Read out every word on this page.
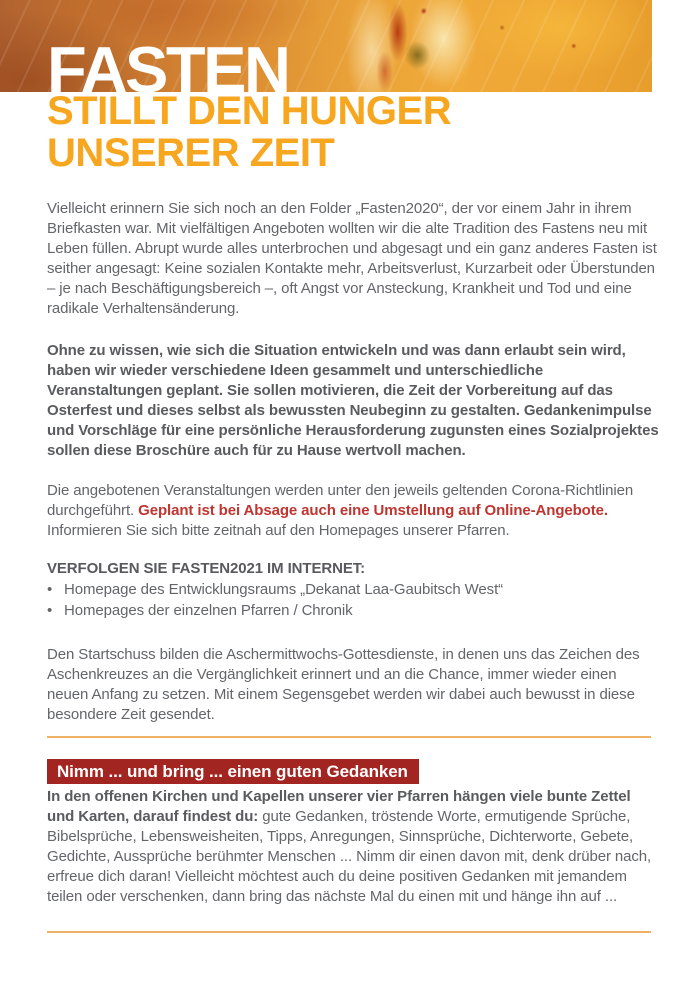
FASTEN
STILLT DEN HUNGER
UNSERER ZEIT

Vielleicht erinnern Sie sich noch an den Folder „Fasten2020“, der vor einem Jahr in ihrem Briefkasten war. Mit vielfältigen Angeboten wollten wir die alte Tradition des Fastens neu mit Leben füllen. Abrupt wurde alles unterbrochen und abgesagt und ein ganz anderes Fasten ist seither angesagt: Keine sozialen Kontakte mehr, Arbeitsverlust, Kurzarbeit oder Überstunden – je nach Beschäftigungsbereich –, oft Angst vor Ansteckung, Krankheit und Tod und eine radikale Verhaltensänderung.

Ohne zu wissen, wie sich die Situation entwickeln und was dann erlaubt sein wird, haben wir wieder verschiedene Ideen gesammelt und unterschiedliche Veranstaltungen geplant. Sie sollen motivieren, die Zeit der Vorbereitung auf das Osterfest und dieses selbst als bewussten Neubeginn zu gestalten. Gedankenimpulse und Vorschläge für eine persönliche Herausforderung zugunsten eines Sozialprojektes sollen diese Broschüre auch für zu Hause wertvoll machen.

Die angebotenen Veranstaltungen werden unter den jeweils geltenden Corona-Richtlinien durchgeführt. Geplant ist bei Absage auch eine Umstellung auf Online-Angebote. Informieren Sie sich bitte zeitnah auf den Homepages unserer Pfarren.

VERFOLGEN SIE FASTEN2021 IM INTERNET:

• Homepage des Entwicklungsraums „Dekanat Laa-Gaubitsch West“
• Homepages der einzelnen Pfarren / Chronik

Den Startschuss bilden die Aschermittwochs-Gottesdienste, in denen uns das Zeichen des Aschenkreuzes an die Vergänglichkeit erinnert und an die Chance, immer wieder einen neuen Anfang zu setzen. Mit einem Segensgebet werden wir dabei auch bewusst in diese besondere Zeit gesendet.

Nimm ... und bring ... einen guten Gedanken

In den offenen Kirchen und Kapellen unserer vier Pfarren hängen viele bunte Zettel und Karten, darauf findest du: gute Gedanken, tröstende Worte, ermutigende Sprüche, Bibelsprüche, Lebensweisheiten, Tipps, Anregungen, Sinnsprüche, Dichterworte, Gebete, Gedichte, Aussprüche berühmter Menschen ... Nimm dir einen davon mit, denk drüber nach, erfreue dich daran! Vielleicht möchtest auch du deine positiven Gedanken mit jemandem teilen oder verschenken, dann bring das nächste Mal du einen mit und hänge ihn auf ...
